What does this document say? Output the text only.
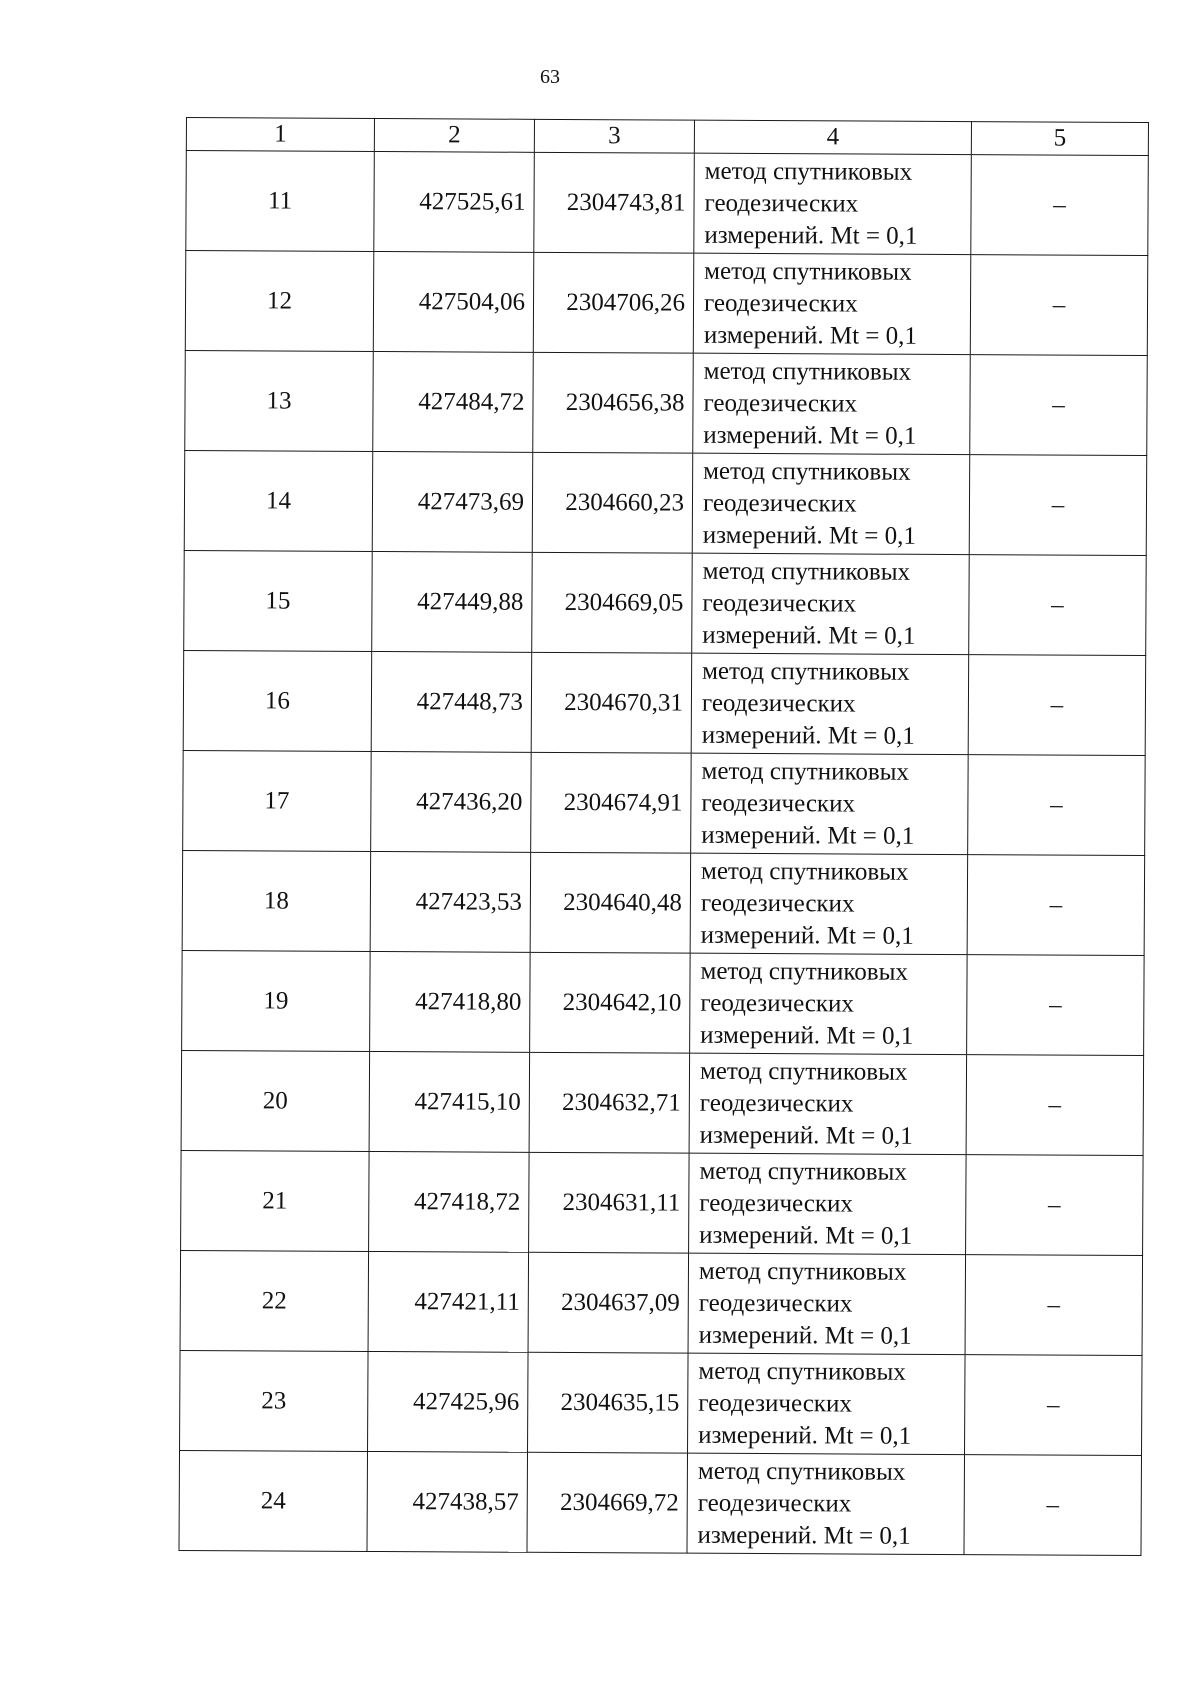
63
1	2	3	4	5
11	427525,61	2304743,81	метод спутниковых геодезических измерений. Mt = 0,1	–
12	427504,06	2304706,26	метод спутниковых геодезических измерений. Mt = 0,1	–
13	427484,72	2304656,38	метод спутниковых геодезических измерений. Mt = 0,1	–
14	427473,69	2304660,23	метод спутниковых геодезических измерений. Mt = 0,1	–
15	427449,88	2304669,05	метод спутниковых геодезических измерений. Mt = 0,1	–
16	427448,73	2304670,31	метод спутниковых геодезических измерений. Mt = 0,1	–
17	427436,20	2304674,91	метод спутниковых геодезических измерений. Mt = 0,1	–
18	427423,53	2304640,48	метод спутниковых геодезических измерений. Mt = 0,1	–
19	427418,80	2304642,10	метод спутниковых геодезических измерений. Mt = 0,1	–
20	427415,10	2304632,71	метод спутниковых геодезических измерений. Mt = 0,1	–
21	427418,72	2304631,11	метод спутниковых геодезических измерений. Mt = 0,1	–
22	427421,11	2304637,09	метод спутниковых геодезических измерений. Mt = 0,1	–
23	427425,96	2304635,15	метод спутниковых геодезических измерений. Mt = 0,1	–
24	427438,57	2304669,72	метод спутниковых геодезических измерений. Mt = 0,1	–
